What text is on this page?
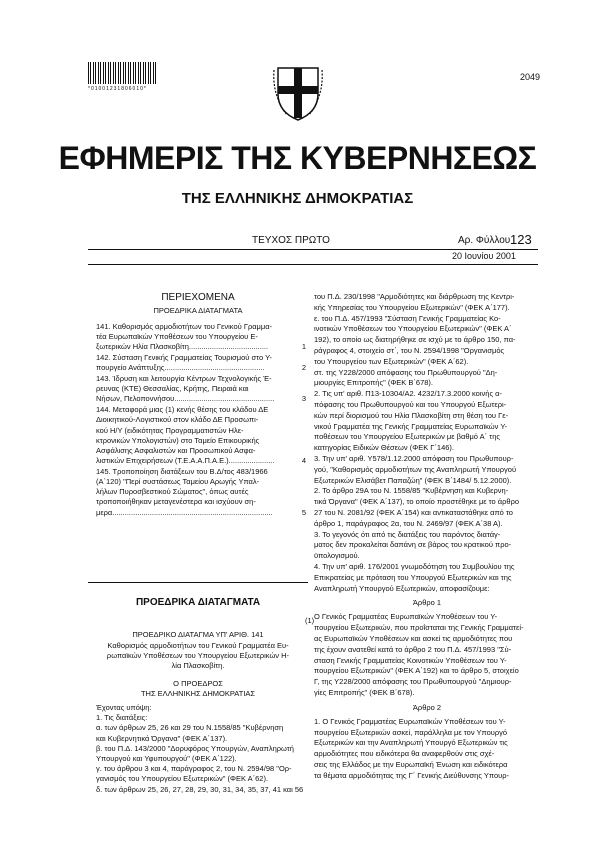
*01001231806010*
2049
ΕΦΗΜΕΡΙΣ ΤΗΣ ΚΥΒΕΡΝΗΣΕΩΣ
ΤΗΣ ΕΛΛΗΝΙΚΗΣ ΔΗΜΟΚΡΑΤΙΑΣ
ΤΕΥΧΟΣ ΠΡΩΤΟ	Αρ. Φύλλου 123
20 Ιουνίου 2001
ΠΕΡΙΕΧΟΜΕΝΑ
ΠΡΟΕΔΡΙΚΑ ΔΙΑΤΑΓΜΑΤΑ
141. Καθορισμός αρμοδιοτήτων του Γενικού Γραμμα-
τέα Ευρωπαϊκών Υποθέσεων του Υπουργείου Ε-
ξωτερικών Ηλία Πλασκοβίτη......................................	1
142. Σύσταση Γενικής Γραμματείας Τουρισμού στο Υ-
πουργείο Ανάπτυξης................................................	2
143. Ίδρυση και λειτουργία Κέντρων Τεχνολογικής Έ-
ρευνας (ΚΤΕ) Θεσσαλίας, Κρήτης, Πειραιά και
Νήσων, Πελοποννήσου................................................	3
144. Μεταφορά μιας (1) κενής θέσης του κλάδου ΔΕ
Διοικητικού-Λογιστικού στον κλάδο ΔΕ Προσωπι-
κού Η/Υ (ειδικότητας Προγραμματιστών Ηλε-
κτρονικών Υπολογιστών) στο Ταμείο Επικουρικής
Ασφάλισης Ασφαλιστών και Προσωπικού Ασφα-
λιστικών Επιχειρήσεων (Τ.Ε.Α.Α.Π.Α.Ε.)......................	4
145. Τροποποίηση διατάξεων του Β.Δ/τος 483/1966
(Α΄120) "Περί συστάσεως Ταμείου Αρωγής Υπαλ-
λήλων Πυροσβεστικού Σώματος", όπως αυτές
τροποποιήθηκαν μεταγενέστερα και ισχύουν ση-
μερα.............................................................................	5
ΠΡΟΕΔΡΙΚΑ ΔΙΑΤΑΓΜΑΤΑ
(1)
ΠΡΟΕΔΡΙΚΟ ΔΙΑΤΑΓΜΑ ΥΠ' ΑΡΙΘ. 141
Καθορισμός αρμοδιοτήτων του Γενικού Γραμματέα Ευ-
ρωπαϊκών Υποθέσεων του Υπουργείου Εξωτερικών Η-
λία Πλασκοβίτη.
Ο ΠΡΟΕΔΡΟΣ
ΤΗΣ ΕΛΛΗΝΙΚΗΣ ΔΗΜΟΚΡΑΤΙΑΣ
Έχοντας υπόψη:
1. Τις διατάξεις:
α. των άρθρων 25, 26 και 29 του Ν.1558/85 "Κυβέρνηση
και Κυβερνητικά Όργανα" (ΦΕΚ Α΄137).
β. του Π.Δ. 143/2000 "Δορυφόρος Υπουργών, Αναπληρωτή
Υπουργού και Υφυπουργού" (ΦΕΚ Α΄122).
γ. του άρθρου 3 και 4, παράγραφος 2, του Ν. 2594/98 "Ορ-
γανισμός του Υπουργείου Εξωτερικών" (ΦΕΚ Α΄62).
δ. των άρθρων 25, 26, 27, 28, 29, 30, 31, 34, 35, 37, 41 και 56
του Π.Δ. 230/1998 "Αρμοδιότητες και διάρθρωση της Κεντρι-
κής Υπηρεσίας του Υπουργείου Εξωτερικών" (ΦΕΚ Α΄177).
ε. του Π.Δ. 457/1993 "Σύσταση Γενικής Γραμματείας Κο-
ινοτικών Υποθέσεων του Υπουργείου Εξωτερικών" (ΦΕΚ Α΄
192), το οποίο ως διατηρήθηκε σε ισχύ με το άρθρο 150, πα-
ράγραφος 4, στοιχείο στ΄, του Ν. 2594/1998 "Οργανισμός
του Υπουργείου των Εξωτερικών" (ΦΕΚ Α΄62).
στ. της Υ228/2000 απόφασης του Πρωθυπουργού "Δη-
μιουργίες Επιτροπής" (ΦΕΚ Β΄678).
2. Τις υπ' αριθ. Π13-10304/Α2. 4232/17.3.2000 κοινής α-
πόφασης του Πρωθυπουργού και του Υπουργού Εξωτερι-
κών περί διορισμού του Ηλία Πλασκοβίτη στη θέση του Γε-
νικού Γραμματέα της Γενικής Γραμματείας Ευρωπαϊκών Υ-
ποθέσεων του Υπουργείου Εξωτερικών με βαθμό Α΄ της
κατηγορίας Ειδικών Θέσεων (ΦΕΚ Γ΄146).
3. Την υπ' αριθ. Υ578/1.12.2000 απόφαση του Πρωθυπουρ-
γού, "Καθορισμός αρμοδιοτήτων της Αναπληρωτή Υπουργού
Εξωτερικών Ελισάβετ Παπαζώη" (ΦΕΚ Β΄1484/ 5.12.2000).
2. Το άρθρο 29Α του Ν. 1558/85 "Κυβέρνηση και Κυβερνη-
τικά Όργανα" (ΦΕΚ Α΄137), το οποίο προστέθηκε με το άρθρο
27 του Ν. 2081/92 (ΦΕΚ Α΄154) και αντικαταστάθηκε από το
άρθρο 1, παράγραφος 2α, του Ν. 2469/97 (ΦΕΚ Α΄38 Α).
3. Το γεγονός ότι από τις διατάξεις του παρόντος διατάγ-
ματος δεν προκαλείται δαπάνη σε βάρος του κρατικού προ-
ϋπολογισμού.
4. Την υπ' αριθ. 176/2001 γνωμοδότηση του Συμβουλίου της
Επικρατείας με πρόταση του Υπουργού Εξωτερικών και της
Αναπληρωτή Υπουργού Εξωτερικών, αποφασίζουμε:
Άρθρο 1
Ο Γενικός Γραμματέας Ευρωπαϊκών Υποθέσεων του Υ-
πουργείου Εξωτερικών, που προΐσταται της Γενικής Γραμματεί-
ας Ευρωπαϊκών Υποθέσεων και ασκεί τις αρμοδιότητες που
της έχουν ανατεθεί κατά το άρθρο 2 του Π.Δ. 457/1993 "Σύ-
σταση Γενικής Γραμματείας Κοινοτικών Υποθέσεων του Υ-
πουργείου Εξωτερικών" (ΦΕΚ Α΄192) και το άρθρο 5, στοιχείο
Γ, της Υ228/2000 απόφασης του Πρωθυπουργού "Δημιουρ-
γίες Επιτροπής" (ΦΕΚ Β΄678).
Άρθρο 2
1. Ο Γενικός Γραμματέας Ευρωπαϊκών Υποθέσεων του Υ-
πουργείου Εξωτερικών ασκεί, παράλληλα με τον Υπουργό
Εξωτερικών και την Αναπληρωτή Υπουργό Εξωτερικών τις
αρμοδιότητες που ειδικότερα θα αναφερθούν στις σχέ-
σεις της Ελλάδος με την Ευρωπαϊκή Ένωση και ειδικότερα
τα θέματα αρμοδιότητας της Γ΄ Γενικής Διεύθυνσης Υπουρ-
